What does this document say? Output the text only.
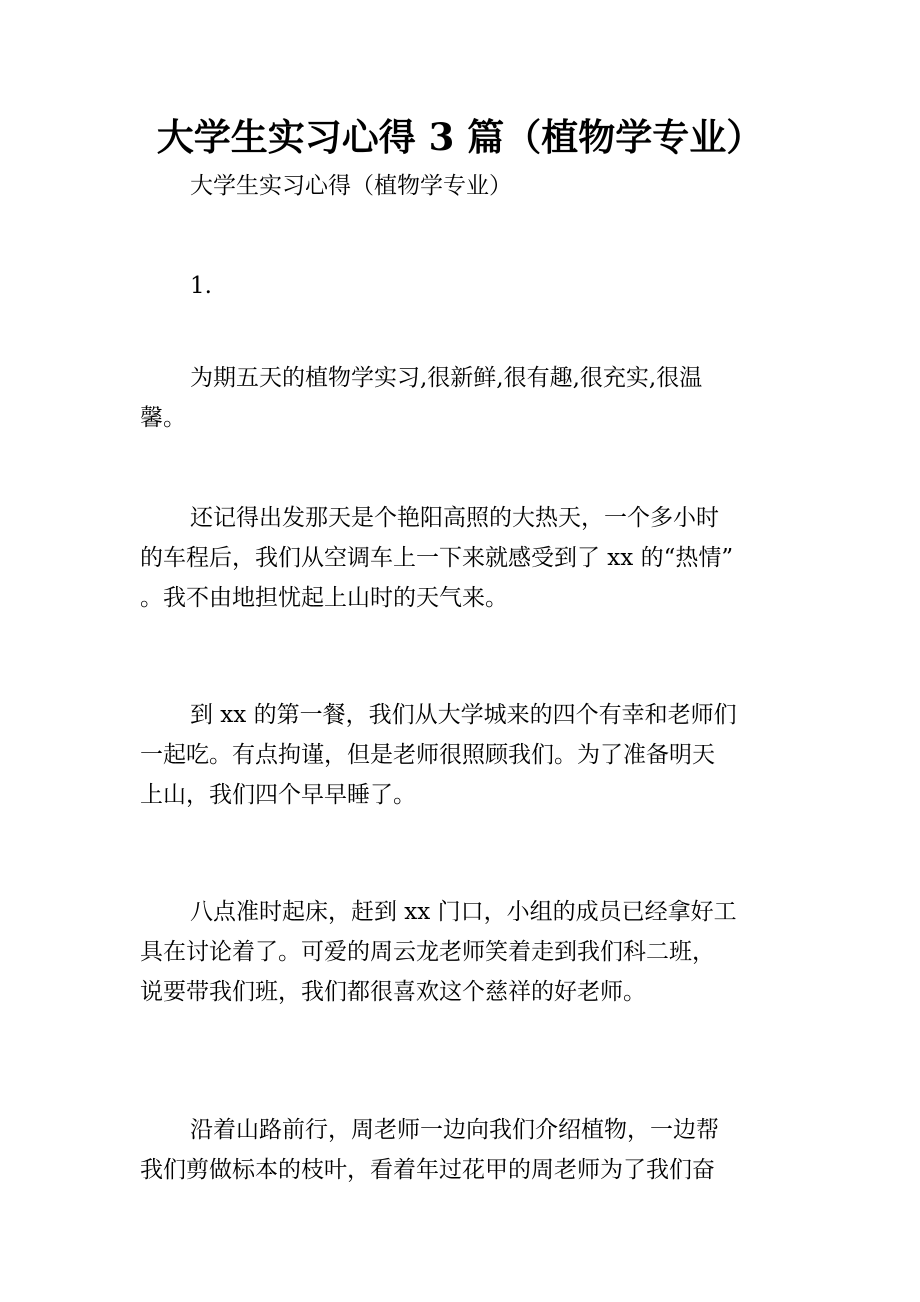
大学生实习心得 3 篇（植物学专业）

大学生实习心得（植物学专业）

1.

为期五天的植物学实习,很新鲜,很有趣,很充实,很温
馨。

还记得出发那天是个艳阳高照的大热天，一个多小时
的车程后，我们从空调车上一下来就感受到了 xx 的“热情”
。我不由地担忧起上山时的天气来。

到 xx 的第一餐，我们从大学城来的四个有幸和老师们
一起吃。有点拘谨，但是老师很照顾我们。为了准备明天
上山，我们四个早早睡了。

八点准时起床，赶到 xx 门口，小组的成员已经拿好工
具在讨论着了。可爱的周云龙老师笑着走到我们科二班，
说要带我们班，我们都很喜欢这个慈祥的好老师。

沿着山路前行，周老师一边向我们介绍植物，一边帮
我们剪做标本的枝叶，看着年过花甲的周老师为了我们奋
